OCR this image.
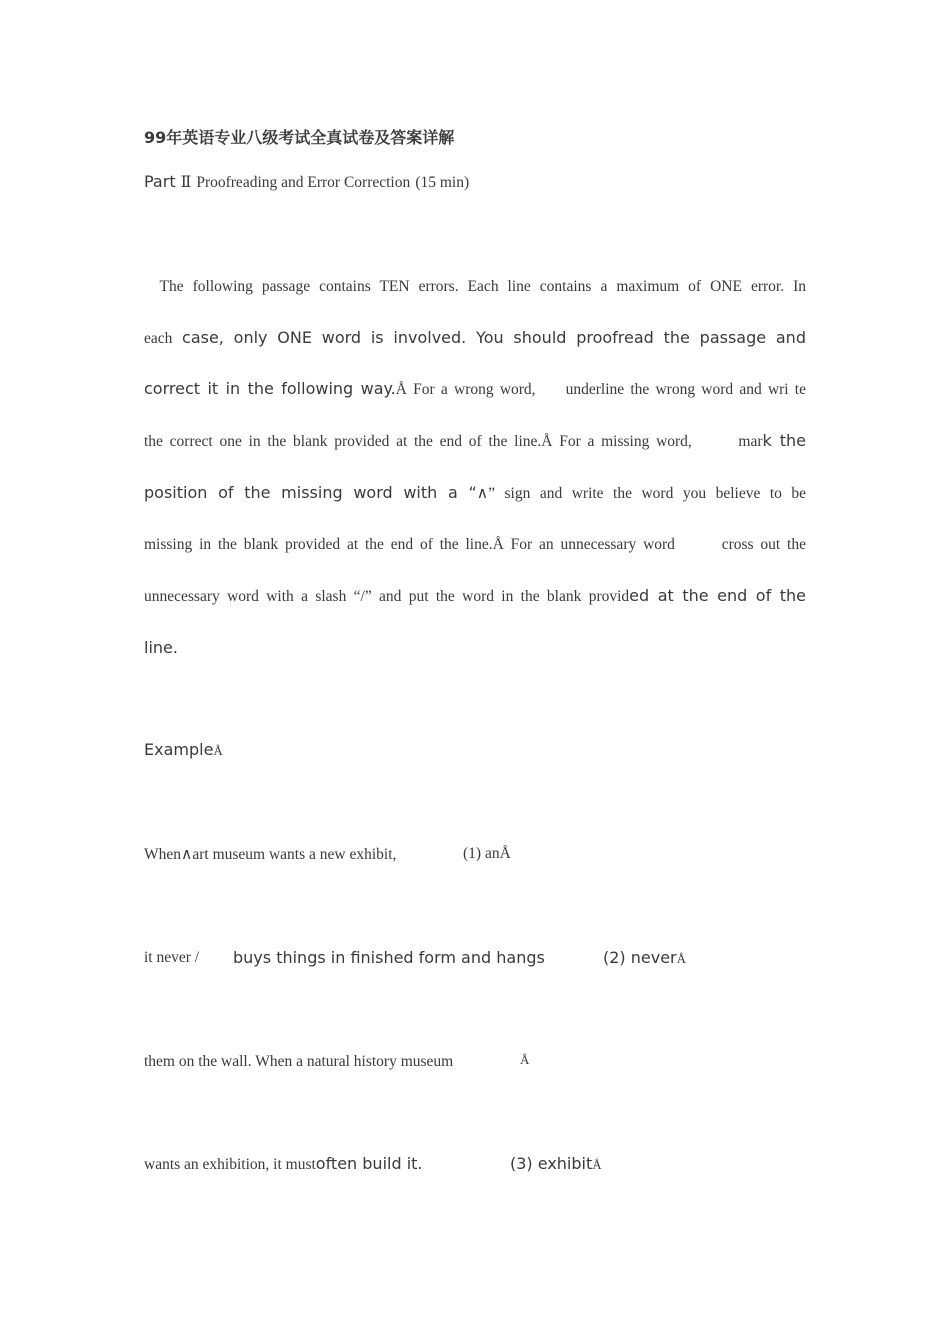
99年英语专业八级考试全真试卷及答案详解
Part Ⅱ Proofreading and Error Correction (15 min)
 The following passage contains TEN errors. Each line contains a maximum of ONE error. In
each case, only ONE word is involved. You should proofread the passage and
correct it in the following way.Å For a wrong word,   underline the wrong word and wri te
the correct one in the blank provided at the end of the line.Å For a missing word,   	mark the
position of the missing word with a “∧” sign and write the word you believe to be
missing in the blank provided at the end of the line.Å For an unnecessary word   	cross out the
unnecessary word with a slash “/” and put the word in the blank provided at the end of the
line.
ExampleÅ
When∧art museum wants a new exhibit,	(1) anÅ
it never / buys things in finished form and hangs	(2) neverÅ
them on the wall. When a natural history museum	Å
wants an exhibition, it mustoften build it.	(3) exhibitÅ
